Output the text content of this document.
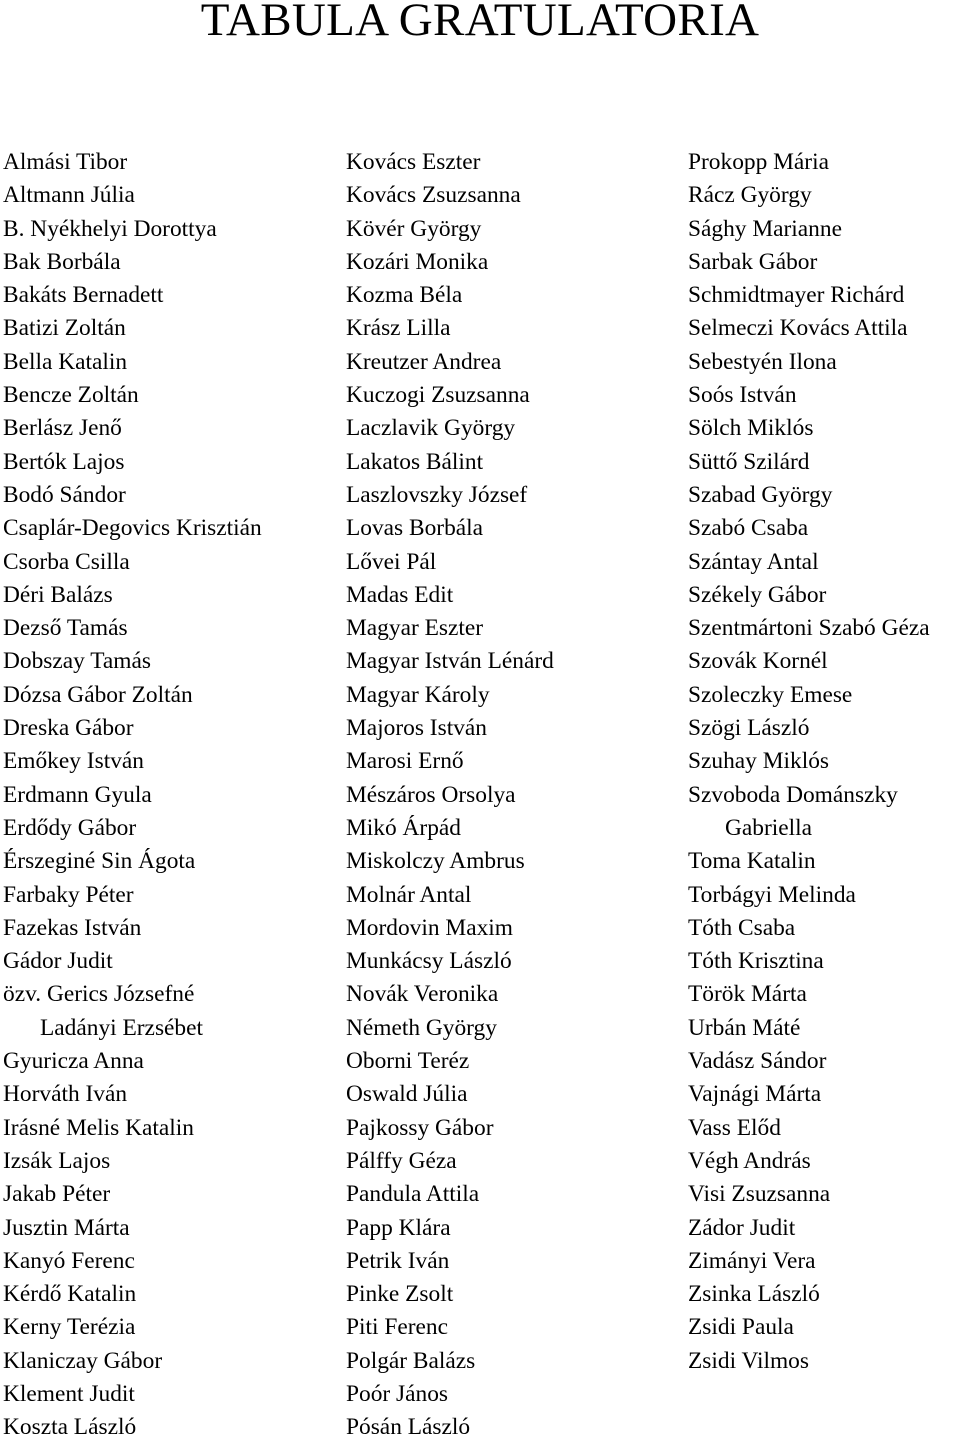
TABULA GRATULATORIA
Almási Tibor
Altmann Júlia
B. Nyékhelyi Dorottya
Bak Borbála
Bakáts Bernadett
Batizi Zoltán
Bella Katalin
Bencze Zoltán
Berlász Jenő
Bertók Lajos
Bodó Sándor
Csaplár-Degovics Krisztián
Csorba Csilla
Déri Balázs
Dezső Tamás
Dobszay Tamás
Dózsa Gábor Zoltán
Dreska Gábor
Emőkey István
Erdmann Gyula
Erdődy Gábor
Érszeginé Sin Ágota
Farbaky Péter
Fazekas István
Gádor Judit
özv. Gerics Józsefné
Ladányi Erzsébet
Gyuricza Anna
Horváth Iván
Irásné Melis Katalin
Izsák Lajos
Jakab Péter
Jusztin Márta
Kanyó Ferenc
Kérdő Katalin
Kerny Terézia
Klaniczay Gábor
Klement Judit
Koszta László
Kovács Eszter
Kovács Zsuzsanna
Kövér György
Kozári Monika
Kozma Béla
Krász Lilla
Kreutzer Andrea
Kuczogi Zsuzsanna
Laczlavik György
Lakatos Bálint
Laszlovszky József
Lovas Borbála
Lővei Pál
Madas Edit
Magyar Eszter
Magyar István Lénárd
Magyar Károly
Majoros István
Marosi Ernő
Mészáros Orsolya
Mikó Árpád
Miskolczy Ambrus
Molnár Antal
Mordovin Maxim
Munkácsy László
Novák Veronika
Németh György
Oborni Teréz
Oswald Júlia
Pajkossy Gábor
Pálffy Géza
Pandula Attila
Papp Klára
Petrik Iván
Pinke Zsolt
Piti Ferenc
Polgár Balázs
Poór János
Pósán László
Prokopp Mária
Rácz György
Sághy Marianne
Sarbak Gábor
Schmidtmayer Richárd
Selmeczi Kovács Attila
Sebestyén Ilona
Soós István
Sölch Miklós
Süttő Szilárd
Szabad György
Szabó Csaba
Szántay Antal
Székely Gábor
Szentmártoni Szabó Géza
Szovák Kornél
Szoleczky Emese
Szögi László
Szuhay Miklós
Szvoboda Dománszky
Gabriella
Toma Katalin
Torbágyi Melinda
Tóth Csaba
Tóth Krisztina
Török Márta
Urbán Máté
Vadász Sándor
Vajnági Márta
Vass Előd
Végh András
Visi Zsuzsanna
Zádor Judit
Zimányi Vera
Zsinka László
Zsidi Paula
Zsidi Vilmos
